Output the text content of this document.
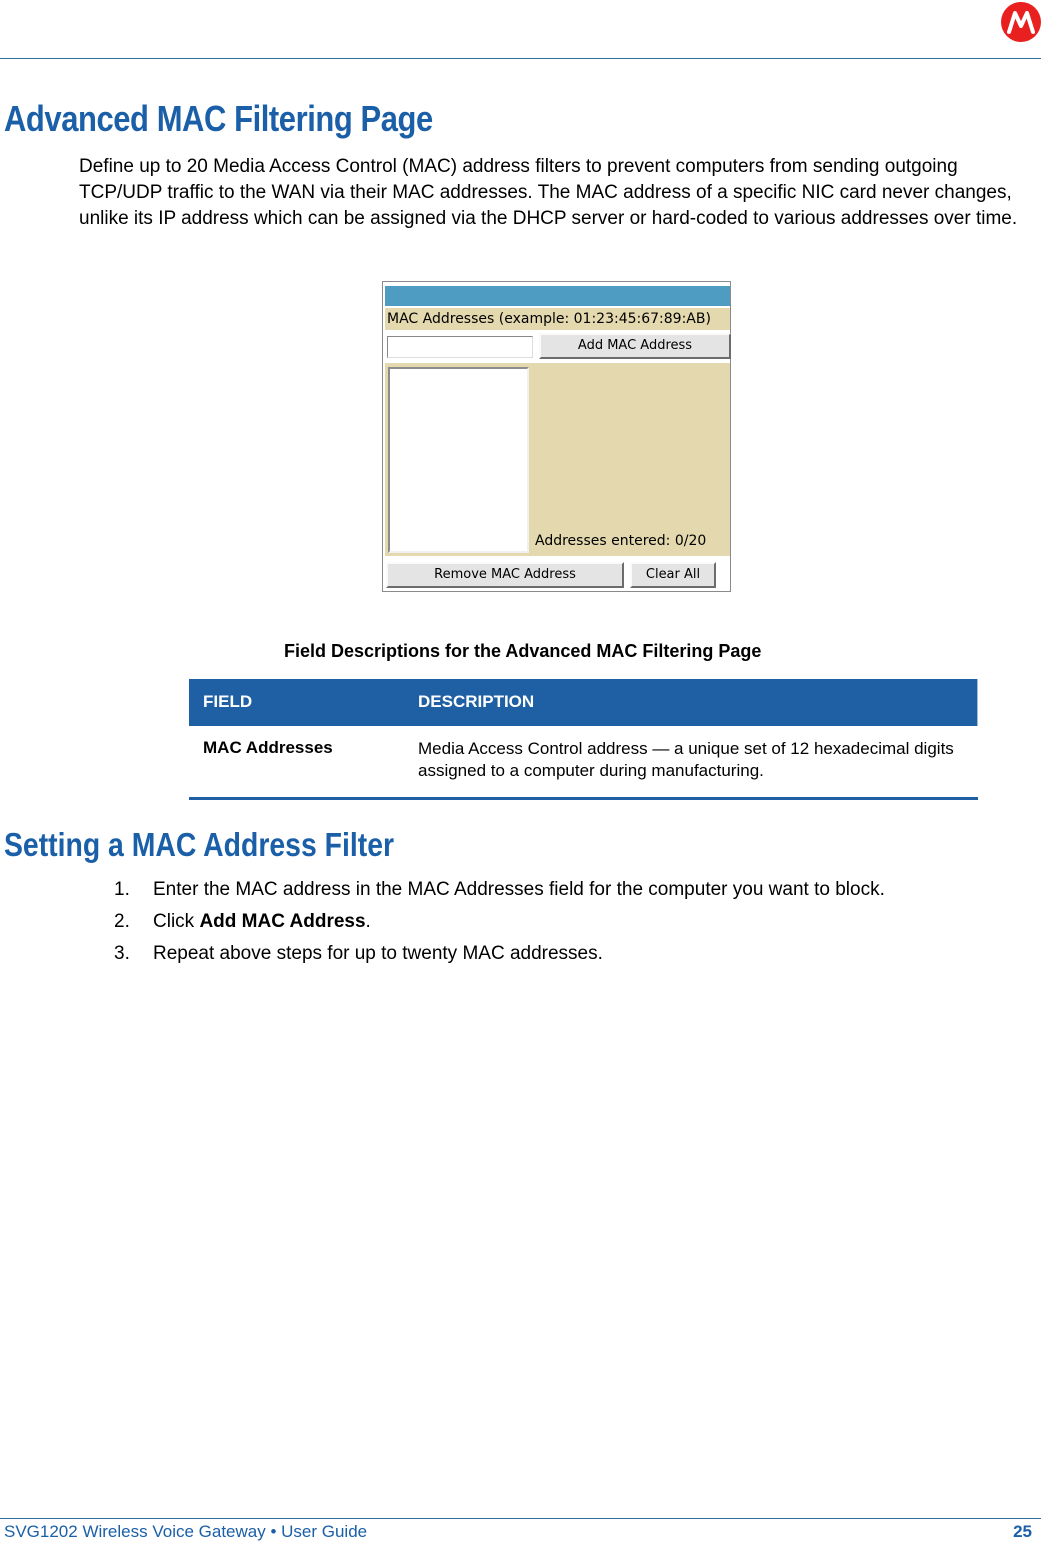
Advanced MAC Filtering Page

Define up to 20 Media Access Control (MAC) address filters to prevent computers from sending outgoing TCP/UDP traffic to the WAN via their MAC addresses. The MAC address of a specific NIC card never changes, unlike its IP address which can be assigned via the DHCP server or hard-coded to various addresses over time.

MAC Addresses (example: 01:23:45:67:89:AB)
Add MAC Address
Addresses entered: 0/20
Remove MAC Address	Clear All

Field Descriptions for the Advanced MAC Filtering Page

FIELD	DESCRIPTION
MAC Addresses	Media Access Control address — a unique set of 12 hexadecimal digits assigned to a computer during manufacturing.
Setting a MAC Address Filter
1. Enter the MAC address in the MAC Addresses field for the computer you want to block.
2. Click Add MAC Address.
3. Repeat above steps for up to twenty MAC addresses.
SVG1202 Wireless Voice Gateway • User Guide	25
